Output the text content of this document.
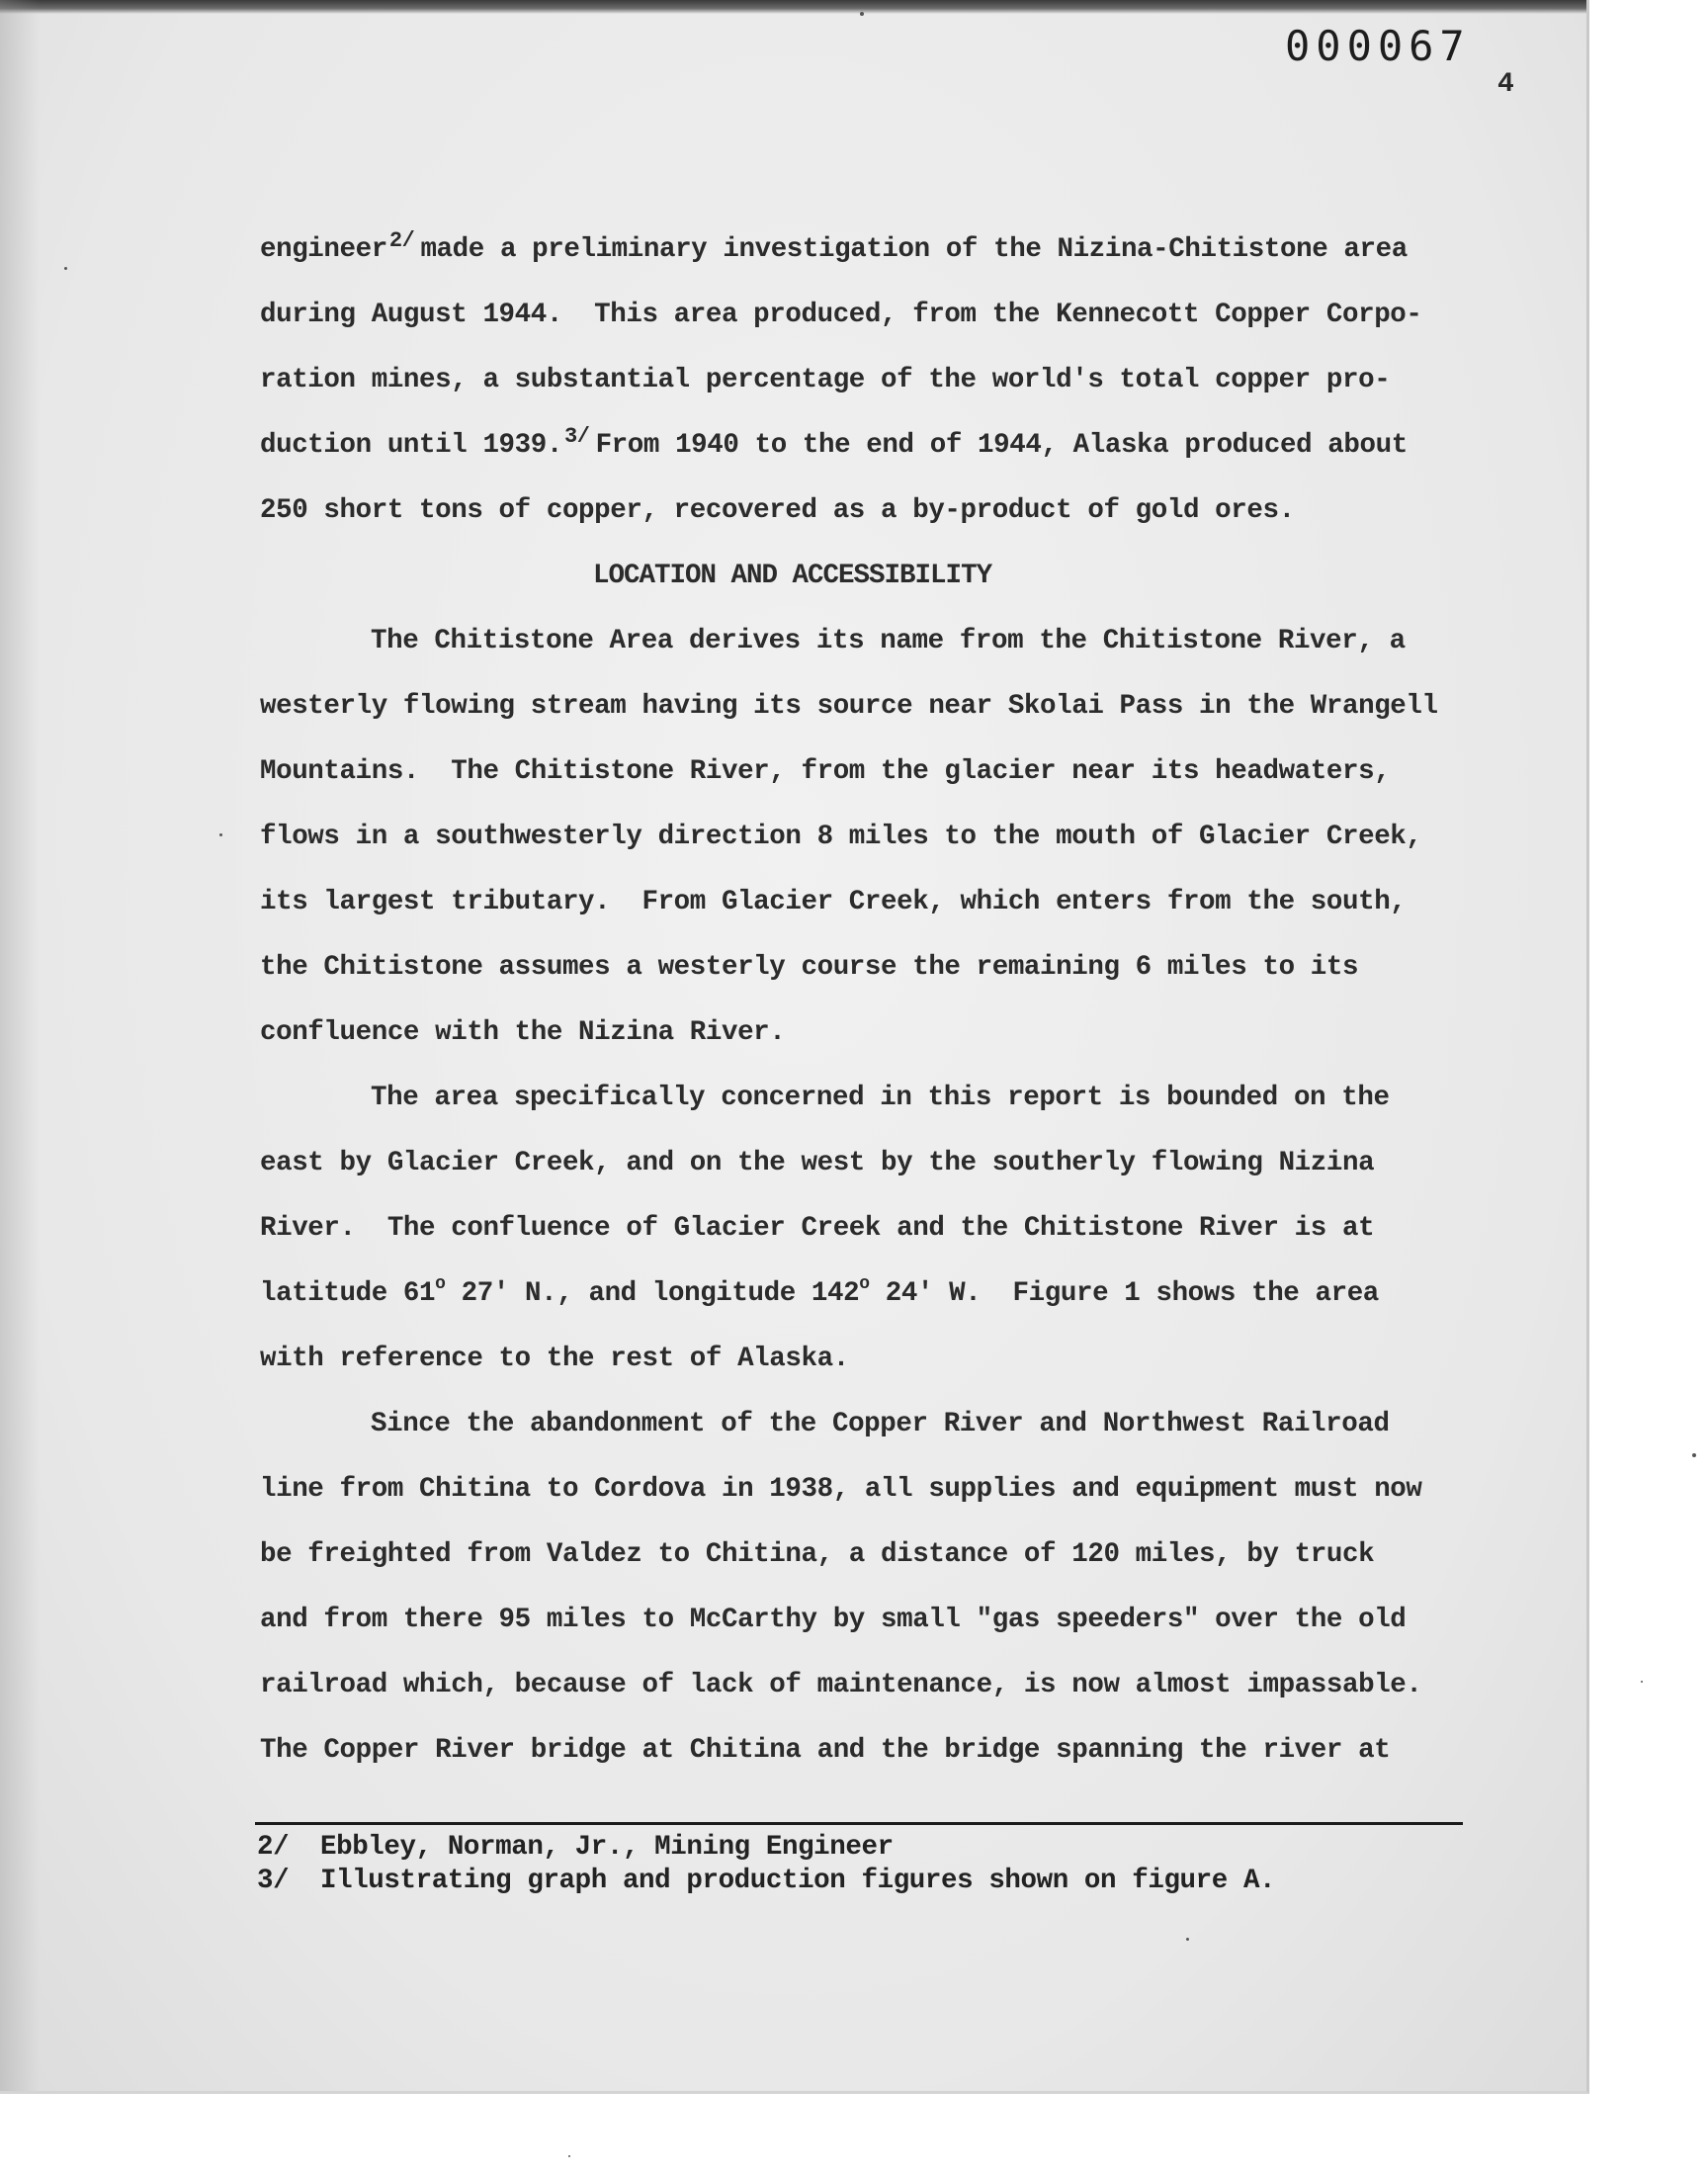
000067
4
engineer$^{2/}$ made a preliminary investigation of the Nizina-Chitistone area
during August 1944.  This area produced, from the Kennecott Copper Corpo-
ration mines, a substantial percentage of the world's total copper pro-
duction until 1939.$^{3/}$ From 1940 to the end of 1944, Alaska produced about
250 short tons of copper, recovered as a by-product of gold ores.
LOCATION AND ACCESSIBILITY
The Chitistone Area derives its name from the Chitistone River, a
westerly flowing stream having its source near Skolai Pass in the Wrangell
Mountains.  The Chitistone River, from the glacier near its headwaters,
flows in a southwesterly direction 8 miles to the mouth of Glacier Creek,
its largest tributary.  From Glacier Creek, which enters from the south,
the Chitistone assumes a westerly course the remaining 6 miles to its
confluence with the Nizina River.
The area specifically concerned in this report is bounded on the
east by Glacier Creek, and on the west by the southerly flowing Nizina
River.  The confluence of Glacier Creek and the Chitistone River is at
latitude 61$^o$ 27' N., and longitude 142$^o$ 24' W.  Figure 1 shows the area
with reference to the rest of Alaska.
Since the abandonment of the Copper River and Northwest Railroad
line from Chitina to Cordova in 1938, all supplies and equipment must now
be freighted from Valdez to Chitina, a distance of 120 miles, by truck
and from there 95 miles to McCarthy by small "gas speeders" over the old
railroad which, because of lack of maintenance, is now almost impassable.
The Copper River bridge at Chitina and the bridge spanning the river at
2/ Ebbley, Norman, Jr., Mining Engineer
3/ Illustrating graph and production figures shown on figure A.
